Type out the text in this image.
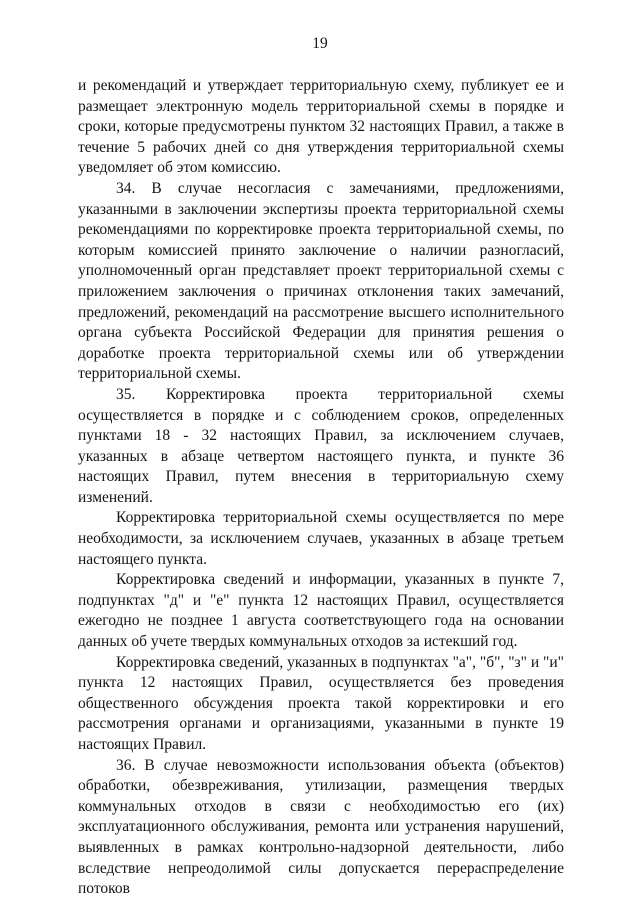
19

и рекомендаций и утверждает территориальную схему, публикует ее и размещает электронную модель территориальной схемы в порядке и сроки, которые предусмотрены пунктом 32 настоящих Правил, а также в течение 5 рабочих дней со дня утверждения территориальной схемы уведомляет об этом комиссию.

34. В случае несогласия с замечаниями, предложениями, указанными в заключении экспертизы проекта территориальной схемы рекомендациями по корректировке проекта территориальной схемы, по которым комиссией принято заключение о наличии разногласий, уполномоченный орган представляет проект территориальной схемы с приложением заключения о причинах отклонения таких замечаний, предложений, рекомендаций на рассмотрение высшего исполнительного органа субъекта Российской Федерации для принятия решения о доработке проекта территориальной схемы или об утверждении территориальной схемы.

35. Корректировка проекта территориальной схемы осуществляется в порядке и с соблюдением сроков, определенных пунктами 18 - 32 настоящих Правил, за исключением случаев, указанных в абзаце четвертом настоящего пункта, и пункте 36 настоящих Правил, путем внесения в территориальную схему изменений.

Корректировка территориальной схемы осуществляется по мере необходимости, за исключением случаев, указанных в абзаце третьем настоящего пункта.

Корректировка сведений и информации, указанных в пункте 7, подпунктах "д" и "е" пункта 12 настоящих Правил, осуществляется ежегодно не позднее 1 августа соответствующего года на основании данных об учете твердых коммунальных отходов за истекший год.

Корректировка сведений, указанных в подпунктах "а", "б", "з" и "и" пункта 12 настоящих Правил, осуществляется без проведения общественного обсуждения проекта такой корректировки и его рассмотрения органами и организациями, указанными в пункте 19 настоящих Правил.

36. В случае невозможности использования объекта (объектов) обработки, обезвреживания, утилизации, размещения твердых коммунальных отходов в связи с необходимостью его (их) эксплуатационного обслуживания, ремонта или устранения нарушений, выявленных в рамках контрольно-надзорной деятельности, либо вследствие непреодолимой силы допускается перераспределение потоков
